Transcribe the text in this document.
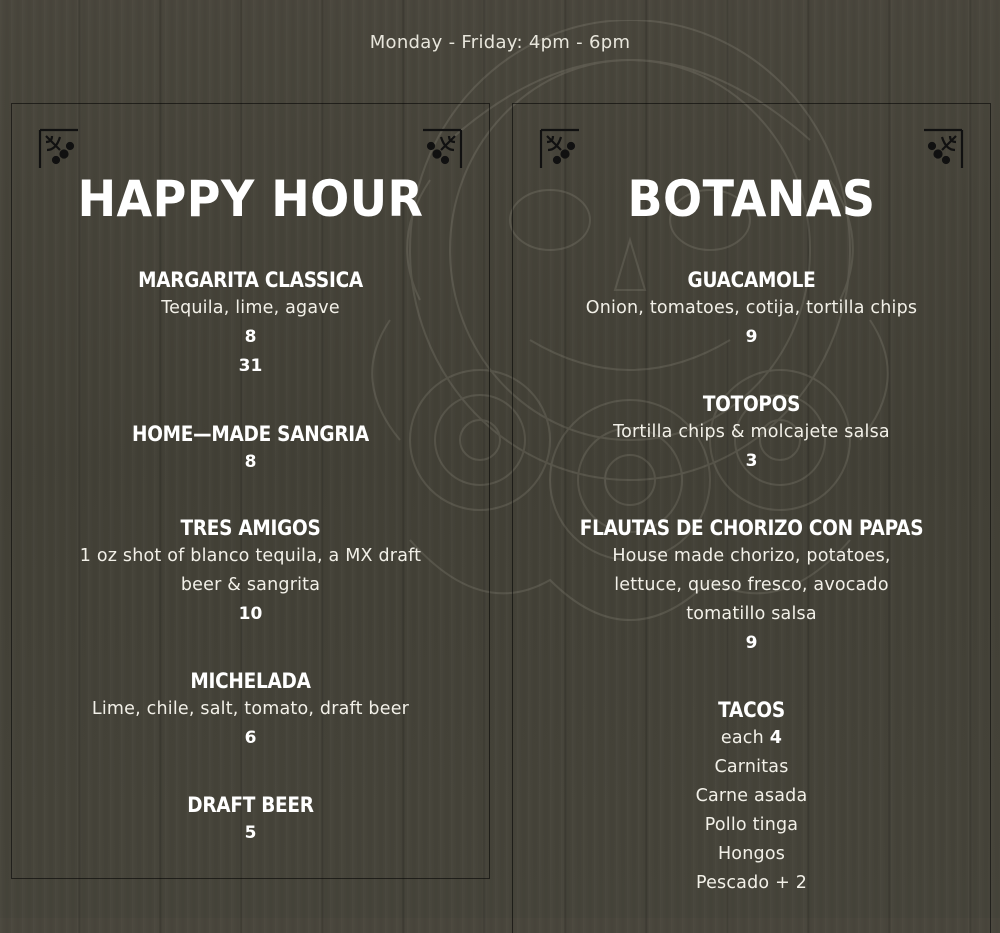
Monday - Friday: 4pm - 6pm
HAPPY HOUR
MARGARITA CLASSICA
Tequila, lime, agave
8
31
HOME—MADE SANGRIA
8
TRES AMIGOS
1 oz shot of blanco tequila, a MX draft
beer & sangrita
10
MICHELADA
Lime, chile, salt, tomato, draft beer
6
DRAFT BEER
5
BOTANAS
GUACAMOLE
Onion, tomatoes, cotija, tortilla chips
9
TOTOPOS
Tortilla chips & molcajete salsa
3
FLAUTAS DE CHORIZO CON PAPAS
House made chorizo, potatoes,
lettuce, queso fresco, avocado
tomatillo salsa
9
TACOS
each 4
Carnitas
Carne asada
Pollo tinga
Hongos
Pescado + 2
